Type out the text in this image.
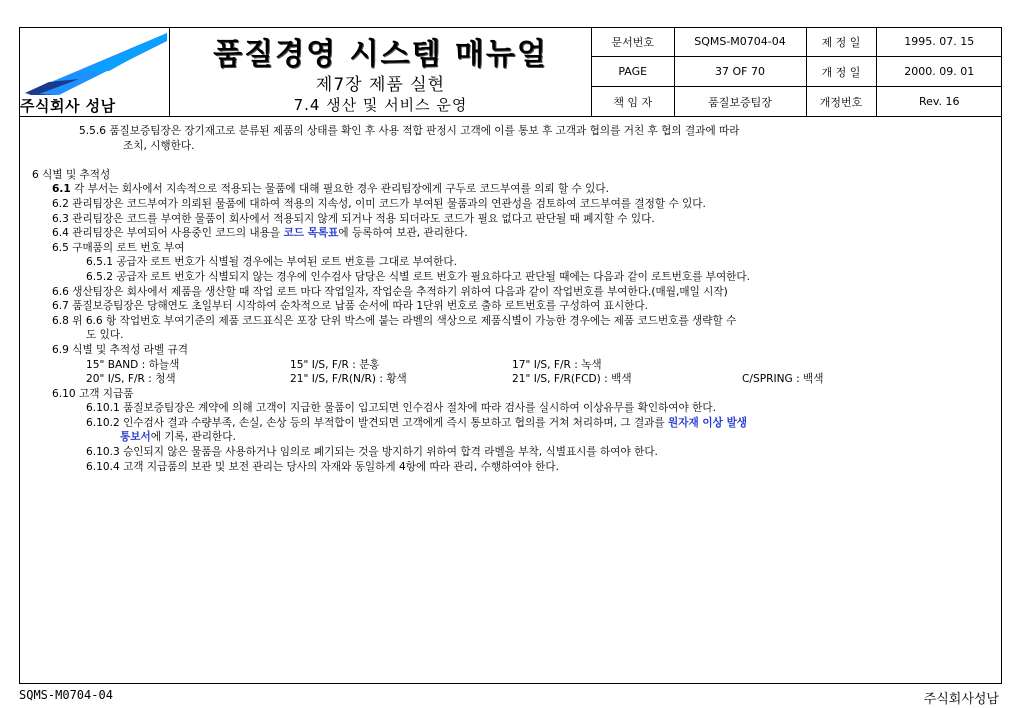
주식회사 성남
품질경영 시스템 매뉴얼
제7장 제품 실현
7.4 생산 및 서비스 운영
문서번호	SQMS-M0704-04	제 정 일	1995. 07. 15
PAGE	37 OF 70	개 정 일	2000. 09. 01
책 임 자	품질보증팀장	개정번호	Rev. 16
5.5.6 품질보증팀장은 장기재고로 분류된 제품의 상태를 확인 후 사용 적합 판정시 고객에 이를 통보 후 고객과 협의를 거친 후 협의 결과에 따라
조치, 시행한다.
6 식별 및 추적성
6.1 각 부서는 회사에서 지속적으로 적용되는 물품에 대해 필요한 경우 관리팀장에게 구두로 코드부여를 의뢰 할 수 있다.
6.2 관리팀장은 코드부여가 의뢰된 물품에 대하여 적용의 지속성, 이미 코드가 부여된 물품과의 연관성을 검토하여 코드부여를 결정할 수 있다.
6.3 관리팀장은 코드를 부여한 물품이 회사에서 적용되지 않게 되거나 적용 되더라도 코드가 필요 없다고 판단될 때 폐지할 수 있다.
6.4 관리팀장은 부여되어 사용중인 코드의 내용을 코드 목록표에 등록하여 보관, 관리한다.
6.5 구매품의 로트 번호 부여
6.5.1 공급자 로트 번호가 식별될 경우에는 부여된 로트 번호를 그대로 부여한다.
6.5.2 공급자 로트 번호가 식별되지 않는 경우에 인수검사 담당은 식별 로트 번호가 필요하다고 판단될 때에는 다음과 같이 로트번호를 부여한다.
6.6 생산팀장은 회사에서 제품을 생산할 때 작업 로트 마다 작업일자, 작업순을 추적하기 위하여 다음과 같이 작업번호를 부여한다.(매월,매일 시작)
6.7 품질보증팀장은 당해연도 초일부터 시작하여 순차적으로 납품 순서에 따라 1단위 번호로 출하 로트번호를 구성하여 표시한다.
6.8 위 6.6 항 작업번호 부여기준의 제품 코드표식은 포장 단위 박스에 붙는 라벨의 색상으로 제품식별이 가능한 경우에는 제품 코드번호를 생략할 수
도 있다.
6.9 식별 및 추적성 라벨 규격
15" BAND : 하늘색	15" I/S, F/R : 분홍	17" I/S, F/R : 녹색
20" I/S, F/R : 청색	21" I/S, F/R(N/R) : 황색	21" I/S, F/R(FCD) : 백색	C/SPRING : 백색
6.10 고객 지급품
6.10.1 품질보증팀장은 계약에 의해 고객이 지급한 물품이 입고되면 인수검사 절차에 따라 검사를 실시하여 이상유무를 확인하여야 한다.
6.10.2 인수검사 결과 수량부족, 손실, 손상 등의 부적합이 발견되면 고객에게 즉시 통보하고 협의를 거쳐 처리하며, 그 결과를 원자재 이상 발생
통보서에 기록, 관리한다.
6.10.3 승인되지 않은 물품을 사용하거나 임의로 폐기되는 것을 방지하기 위하여 합격 라벨을 부착, 식별표시를 하여야 한다.
6.10.4 고객 지급품의 보관 및 보전 관리는 당사의 자재와 동일하게 4항에 따라 관리, 수행하여야 한다.
SQMS-M0704-04	주식회사성남
